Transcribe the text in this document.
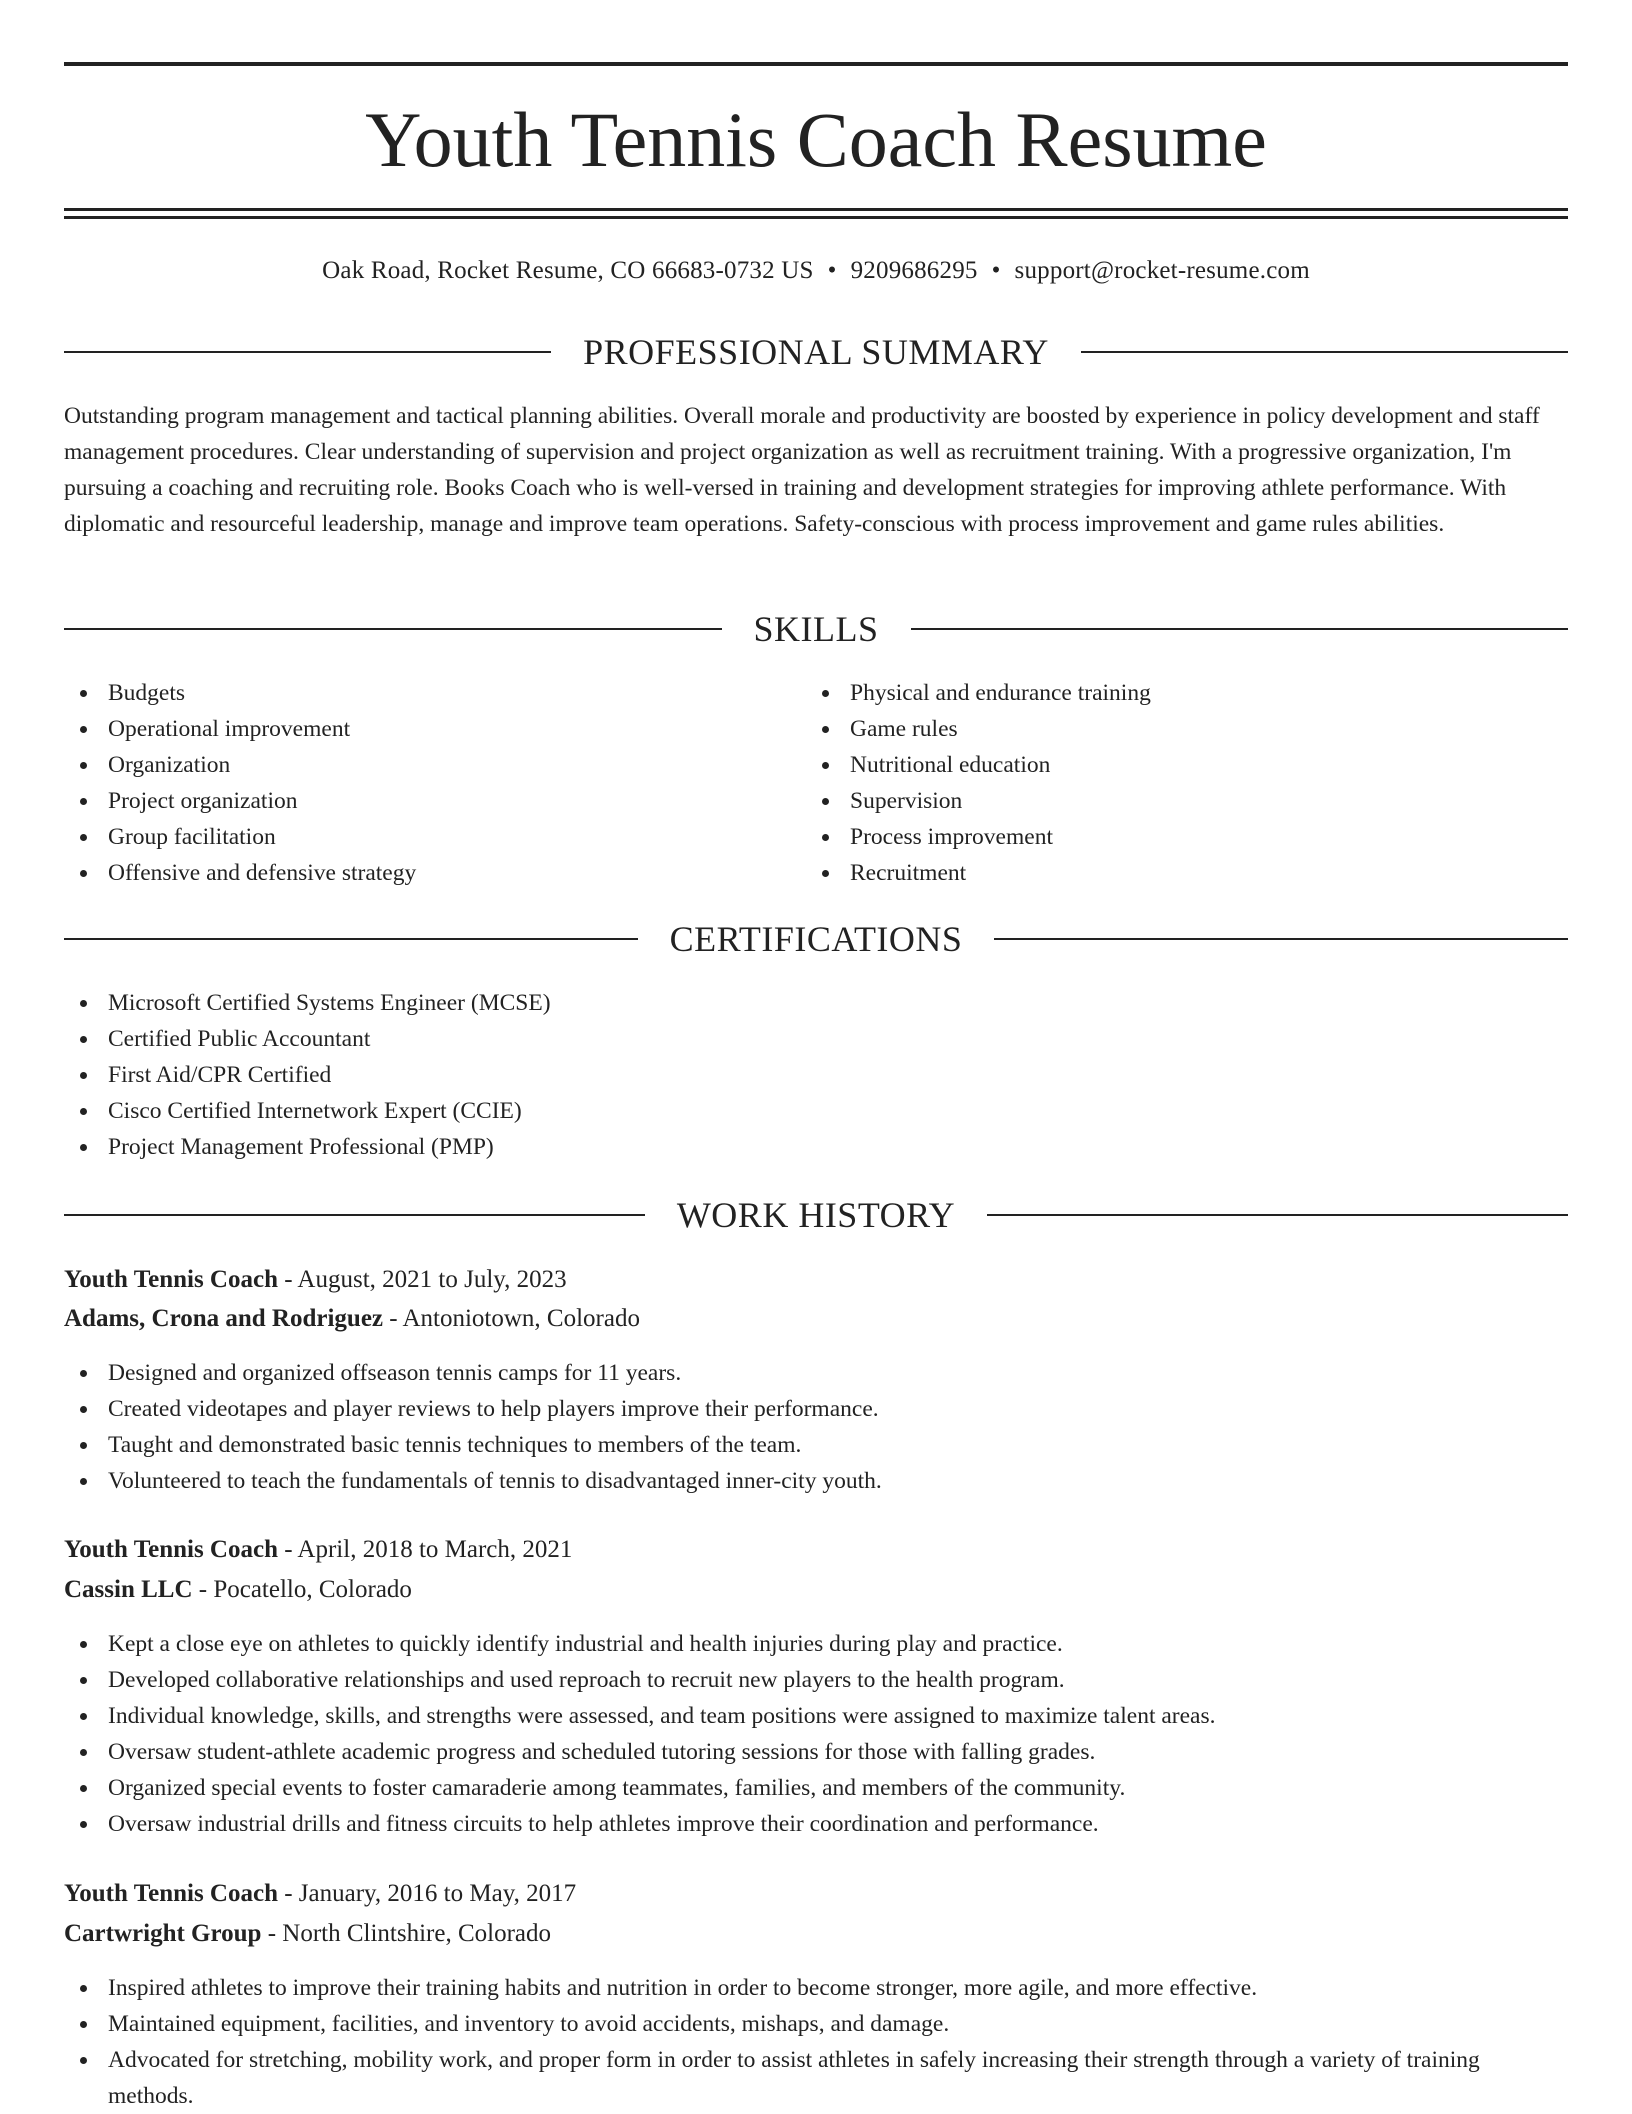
Youth Tennis Coach Resume
Oak Road, Rocket Resume, CO 66683-0732 US • 9209686295 • support@rocket-resume.com
PROFESSIONAL SUMMARY

Outstanding program management and tactical planning abilities. Overall morale and productivity are boosted by experience in policy development and staff management procedures. Clear understanding of supervision and project organization as well as recruitment training. With a progressive organization, I'm pursuing a coaching and recruiting role. Books Coach who is well-versed in training and development strategies for improving athlete performance. With diplomatic and resourceful leadership, manage and improve team operations. Safety-conscious with process improvement and game rules abilities.

SKILLS
Budgets
Operational improvement
Organization
Project organization
Group facilitation
Offensive and defensive strategy
Physical and endurance training
Game rules
Nutritional education
Supervision
Process improvement
Recruitment
CERTIFICATIONS
Microsoft Certified Systems Engineer (MCSE)
Certified Public Accountant
First Aid/CPR Certified
Cisco Certified Internetwork Expert (CCIE)
Project Management Professional (PMP)
WORK HISTORY
Youth Tennis Coach - August, 2021 to July, 2023
Adams, Crona and Rodriguez - Antoniotown, Colorado
Designed and organized offseason tennis camps for 11 years.
Created videotapes and player reviews to help players improve their performance.
Taught and demonstrated basic tennis techniques to members of the team.
Volunteered to teach the fundamentals of tennis to disadvantaged inner-city youth.
Youth Tennis Coach - April, 2018 to March, 2021
Cassin LLC - Pocatello, Colorado
Kept a close eye on athletes to quickly identify industrial and health injuries during play and practice.
Developed collaborative relationships and used reproach to recruit new players to the health program.
Individual knowledge, skills, and strengths were assessed, and team positions were assigned to maximize talent areas.
Oversaw student-athlete academic progress and scheduled tutoring sessions for those with falling grades.
Organized special events to foster camaraderie among teammates, families, and members of the community.
Oversaw industrial drills and fitness circuits to help athletes improve their coordination and performance.
Youth Tennis Coach - January, 2016 to May, 2017
Cartwright Group - North Clintshire, Colorado
Inspired athletes to improve their training habits and nutrition in order to become stronger, more agile, and more effective.
Maintained equipment, facilities, and inventory to avoid accidents, mishaps, and damage.
Advocated for stretching, mobility work, and proper form in order to assist athletes in safely increasing their strength through a variety of training methods.
